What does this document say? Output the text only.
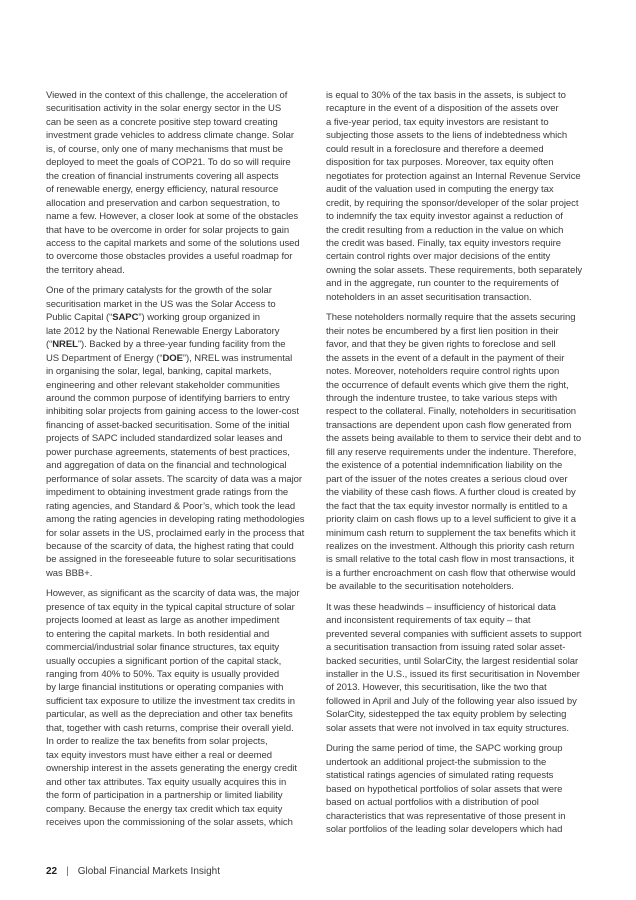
Viewed in the context of this challenge, the acceleration of
securitisation activity in the solar energy sector in the US
can be seen as a concrete positive step toward creating
investment grade vehicles to address climate change. Solar
is, of course, only one of many mechanisms that must be
deployed to meet the goals of COP21. To do so will require
the creation of financial instruments covering all aspects
of renewable energy, energy efficiency, natural resource
allocation and preservation and carbon sequestration, to
name a few. However, a closer look at some of the obstacles
that have to be overcome in order for solar projects to gain
access to the capital markets and some of the solutions used
to overcome those obstacles provides a useful roadmap for
the territory ahead.

One of the primary catalysts for the growth of the solar
securitisation market in the US was the Solar Access to
Public Capital (“SAPC”) working group organized in
late 2012 by the National Renewable Energy Laboratory
(“NREL”). Backed by a three-year funding facility from the
US Department of Energy (“DOE”), NREL was instrumental
in organising the solar, legal, banking, capital markets,
engineering and other relevant stakeholder communities
around the common purpose of identifying barriers to entry
inhibiting solar projects from gaining access to the lower-cost
financing of asset-backed securitisation. Some of the initial
projects of SAPC included standardized solar leases and
power purchase agreements, statements of best practices,
and aggregation of data on the financial and technological
performance of solar assets. The scarcity of data was a major
impediment to obtaining investment grade ratings from the
rating agencies, and Standard & Poor’s, which took the lead
among the rating agencies in developing rating methodologies
for solar assets in the US, proclaimed early in the process that
because of the scarcity of data, the highest rating that could
be assigned in the foreseeable future to solar securitisations
was BBB+.

However, as significant as the scarcity of data was, the major
presence of tax equity in the typical capital structure of solar
projects loomed at least as large as another impediment
to entering the capital markets. In both residential and
commercial/industrial solar finance structures, tax equity
usually occupies a significant portion of the capital stack,
ranging from 40% to 50%. Tax equity is usually provided
by large financial institutions or operating companies with
sufficient tax exposure to utilize the investment tax credits in
particular, as well as the depreciation and other tax benefits
that, together with cash returns, comprise their overall yield.
In order to realize the tax benefits from solar projects,
tax equity investors must have either a real or deemed
ownership interest in the assets generating the energy credit
and other tax attributes. Tax equity usually acquires this in
the form of participation in a partnership or limited liability
company. Because the energy tax credit which tax equity
receives upon the commissioning of the solar assets, which

is equal to 30% of the tax basis in the assets, is subject to
recapture in the event of a disposition of the assets over
a five-year period, tax equity investors are resistant to
subjecting those assets to the liens of indebtedness which
could result in a foreclosure and therefore a deemed
disposition for tax purposes. Moreover, tax equity often
negotiates for protection against an Internal Revenue Service
audit of the valuation used in computing the energy tax
credit, by requiring the sponsor/developer of the solar project
to indemnify the tax equity investor against a reduction of
the credit resulting from a reduction in the value on which
the credit was based. Finally, tax equity investors require
certain control rights over major decisions of the entity
owning the solar assets. These requirements, both separately
and in the aggregate, run counter to the requirements of
noteholders in an asset securitisation transaction.

These noteholders normally require that the assets securing
their notes be encumbered by a first lien position in their
favor, and that they be given rights to foreclose and sell
the assets in the event of a default in the payment of their
notes. Moreover, noteholders require control rights upon
the occurrence of default events which give them the right,
through the indenture trustee, to take various steps with
respect to the collateral. Finally, noteholders in securitisation
transactions are dependent upon cash flow generated from
the assets being available to them to service their debt and to
fill any reserve requirements under the indenture. Therefore,
the existence of a potential indemnification liability on the
part of the issuer of the notes creates a serious cloud over
the viability of these cash flows. A further cloud is created by
the fact that the tax equity investor normally is entitled to a
priority claim on cash flows up to a level sufficient to give it a
minimum cash return to supplement the tax benefits which it
realizes on the investment. Although this priority cash return
is small relative to the total cash flow in most transactions, it
is a further encroachment on cash flow that otherwise would
be available to the securitisation noteholders.

It was these headwinds – insufficiency of historical data
and inconsistent requirements of tax equity – that
prevented several companies with sufficient assets to support
a securitisation transaction from issuing rated solar asset-
backed securities, until SolarCity, the largest residential solar
installer in the U.S., issued its first securitisation in November
of 2013. However, this securitisation, like the two that
followed in April and July of the following year also issued by
SolarCity, sidestepped the tax equity problem by selecting
solar assets that were not involved in tax equity structures.

During the same period of time, the SAPC working group
undertook an additional project-the submission to the
statistical ratings agencies of simulated rating requests
based on hypothetical portfolios of solar assets that were
based on actual portfolios with a distribution of pool
characteristics that was representative of those present in
solar portfolios of the leading solar developers which had

22 | Global Financial Markets Insight
